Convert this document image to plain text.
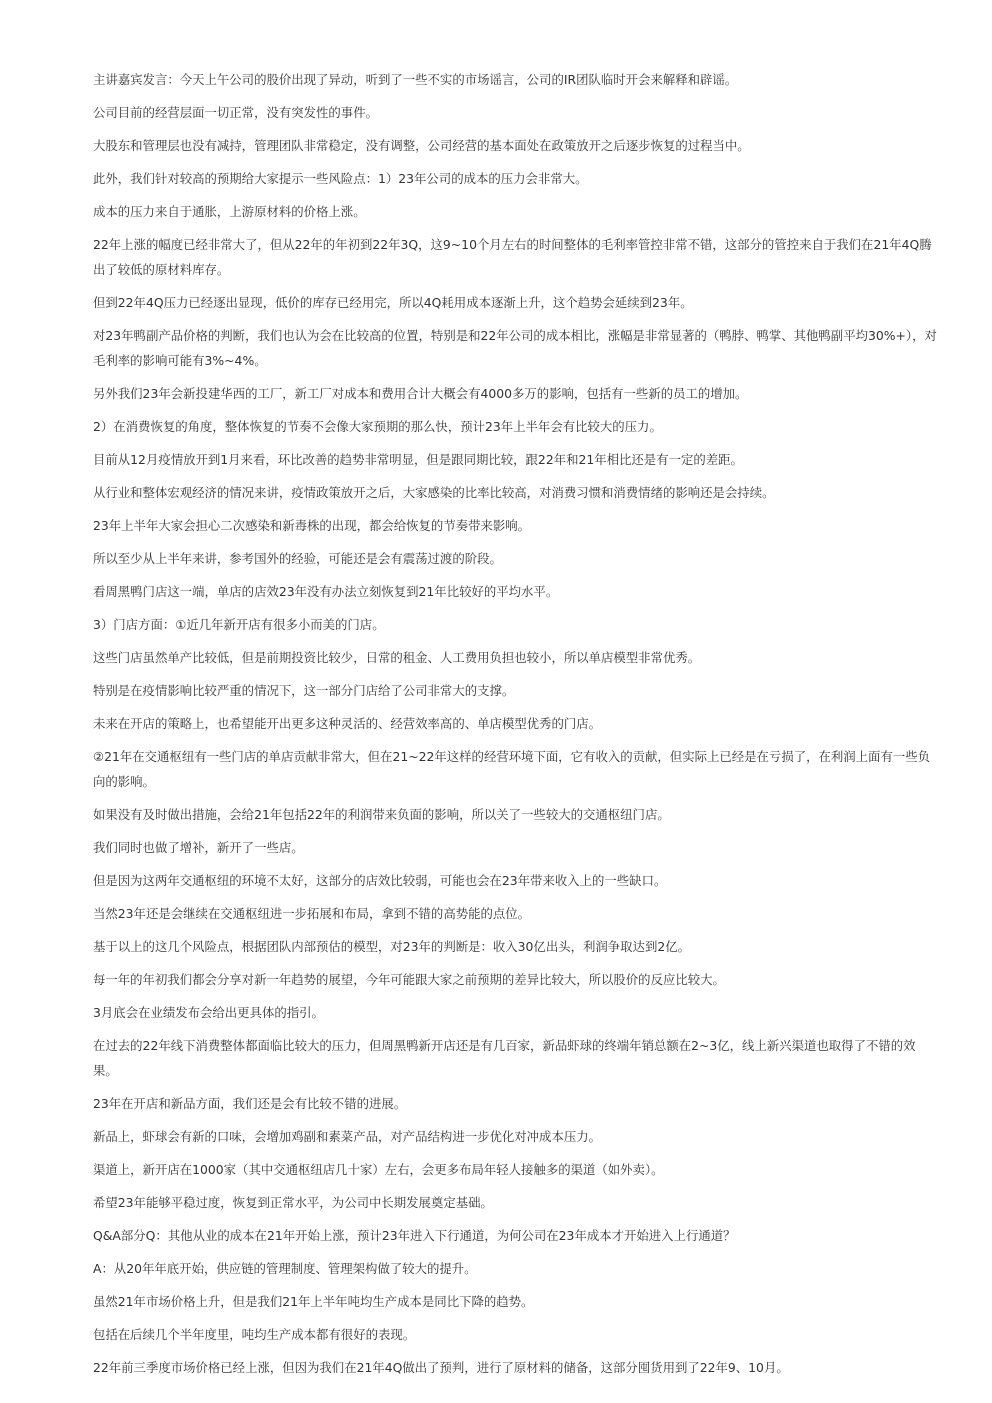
主讲嘉宾发言：今天上午公司的股价出现了异动，听到了一些不实的市场谣言，公司的IR团队临时开会来解释和辟谣。

公司目前的经营层面一切正常，没有突发性的事件。

大股东和管理层也没有减持，管理团队非常稳定，没有调整，公司经营的基本面处在政策放开之后逐步恢复的过程当中。

此外，我们针对较高的预期给大家提示一些风险点：1）23年公司的成本的压力会非常大。

成本的压力来自于通胀，上游原材料的价格上涨。

22年上涨的幅度已经非常大了，但从22年的年初到22年3Q，这9~10个月左右的时间整体的毛利率管控非常不错，这部分的管控来自于我们在21年4Q腾出了较低的原材料库存。

但到22年4Q压力已经逐出显现，低价的库存已经用完，所以4Q耗用成本逐渐上升，这个趋势会延续到23年。

对23年鸭副产品价格的判断，我们也认为会在比较高的位置，特别是和22年公司的成本相比，涨幅是非常显著的（鸭脖、鸭掌、其他鸭副平均30%+），对毛利率的影响可能有3%~4%。

另外我们23年会新投建华西的工厂，新工厂对成本和费用合计大概会有4000多万的影响，包括有一些新的员工的增加。

2）在消费恢复的角度，整体恢复的节奏不会像大家预期的那么快，预计23年上半年会有比较大的压力。

目前从12月疫情放开到1月来看，环比改善的趋势非常明显，但是跟同期比较，跟22年和21年相比还是有一定的差距。

从行业和整体宏观经济的情况来讲，疫情政策放开之后，大家感染的比率比较高，对消费习惯和消费情绪的影响还是会持续。

23年上半年大家会担心二次感染和新毒株的出现，都会给恢复的节奏带来影响。

所以至少从上半年来讲，参考国外的经验，可能还是会有震荡过渡的阶段。

看周黑鸭门店这一端，单店的店效23年没有办法立刻恢复到21年比较好的平均水平。

3）门店方面：①近几年新开店有很多小而美的门店。

这些门店虽然单产比较低，但是前期投资比较少，日常的租金、人工费用负担也较小，所以单店模型非常优秀。

特别是在疫情影响比较严重的情况下，这一部分门店给了公司非常大的支撑。

未来在开店的策略上，也希望能开出更多这种灵活的、经营效率高的、单店模型优秀的门店。

②21年在交通枢纽有一些门店的单店贡献非常大，但在21~22年这样的经营环境下面，它有收入的贡献，但实际上已经是在亏损了，在利润上面有一些负向的影响。

如果没有及时做出措施，会给21年包括22年的利润带来负面的影响，所以关了一些较大的交通枢纽门店。

我们同时也做了增补，新开了一些店。

但是因为这两年交通枢纽的环境不太好，这部分的店效比较弱，可能也会在23年带来收入上的一些缺口。

当然23年还是会继续在交通枢纽进一步拓展和布局，拿到不错的高势能的点位。

基于以上的这几个风险点，根据团队内部预估的模型，对23年的判断是：收入30亿出头，利润争取达到2亿。

每一年的年初我们都会分享对新一年趋势的展望，今年可能跟大家之前预期的差异比较大，所以股价的反应比较大。

3月底会在业绩发布会给出更具体的指引。

在过去的22年线下消费整体都面临比较大的压力，但周黑鸭新开店还是有几百家，新品虾球的终端年销总额在2~3亿，线上新兴渠道也取得了不错的效果。

23年在开店和新品方面，我们还是会有比较不错的进展。

新品上，虾球会有新的口味，会增加鸡副和素菜产品，对产品结构进一步优化对冲成本压力。

渠道上，新开店在1000家（其中交通枢纽店几十家）左右，会更多布局年轻人接触多的渠道（如外卖）。

希望23年能够平稳过度，恢复到正常水平，为公司中长期发展奠定基础。

Q&A部分Q：其他从业的成本在21年开始上涨，预计23年进入下行通道，为何公司在23年成本才开始进入上行通道？

A：从20年年底开始，供应链的管理制度、管理架构做了较大的提升。

虽然21年市场价格上升，但是我们21年上半年吨均生产成本是同比下降的趋势。

包括在后续几个半年度里，吨均生产成本都有很好的表现。

22年前三季度市场价格已经上涨，但因为我们在21年4Q做出了预判，进行了原材料的储备，这部分囤货用到了22年9、10月。
